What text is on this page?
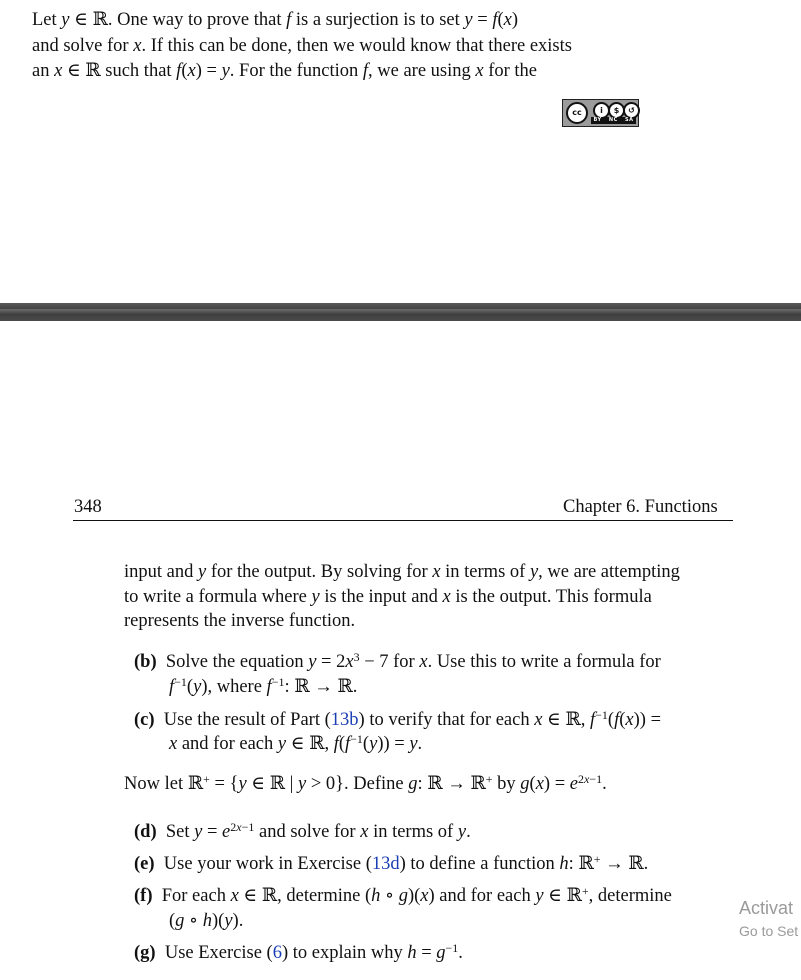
Let y ∈ ℝ. One way to prove that f is a surjection is to set y = f(x)
and solve for x. If this can be done, then we would know that there exists
an x ∈ ℝ such that f(x) = y. For the function f, we are using x for the
cc	i	$	↺
BY NC SA
348	Chapter 6. Functions
input and y for the output. By solving for x in terms of y, we are attempting
to write a formula where y is the input and x is the output. This formula
represents the inverse function.
(b)  Solve the equation $y = 2x^3 - 7$ for x. Use this to write a formula for
$f^{-1}(y)$, where $f^{-1}$: ℝ → ℝ.
(c)  Use the result of Part (13b) to verify that for each x ∈ ℝ, $f^{-1}(f(x))$ =
x and for each y ∈ ℝ, $f(f^{-1}(y)) = y$.
Now let ℝ+ = {y ∈ ℝ | y > 0}. Define g: ℝ → ℝ+ by $g(x) = e^{2x-1}$.
(d)  Set $y = e^{2x-1}$ and solve for x in terms of y.
(e)  Use your work in Exercise (13d) to define a function h: ℝ+ → ℝ.
(f)  For each x ∈ ℝ, determine (h ∘ g)(x) and for each y ∈ ℝ+, determine
(g ∘ h)(y).
(g)  Use Exercise (6) to explain why $h = g^{-1}$.
Activat
Go to Set
